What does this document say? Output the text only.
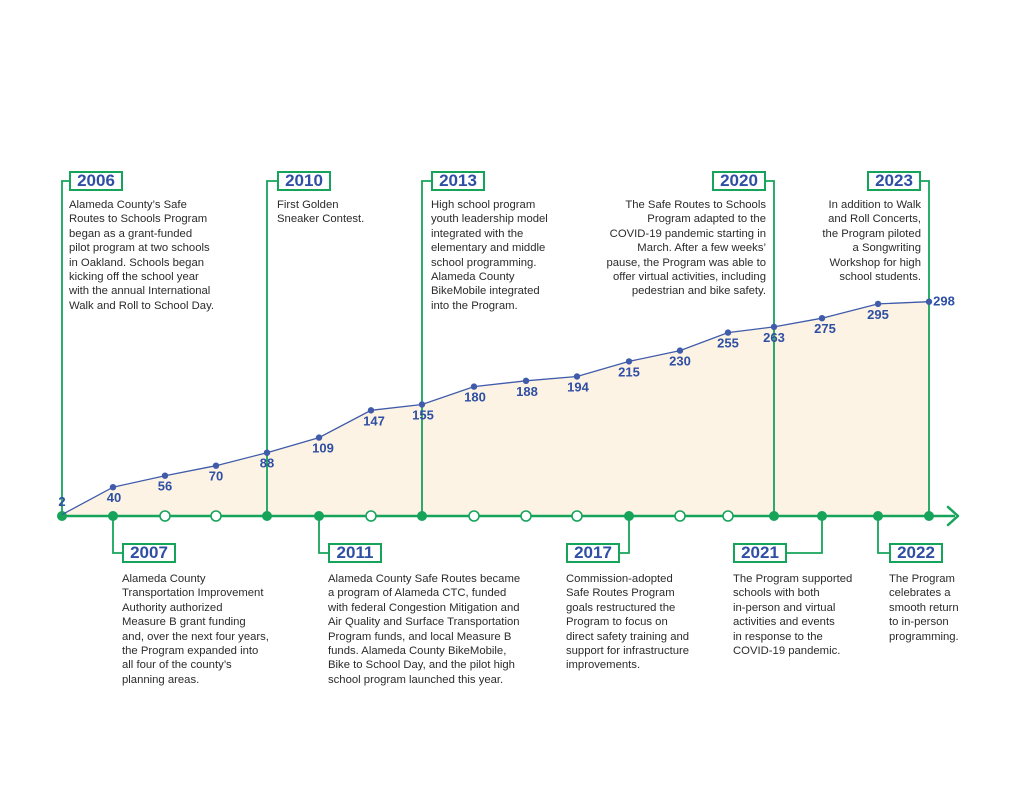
2	40
56
70
88
109
147 155
180 188 194
215
230
255 263
275
295
298
2006
Alameda County’s Safe
Routes to Schools Program
began as a grant-funded
pilot program at two schools
in Oakland. Schools began
kicking off the school year
with the annual International
Walk and Roll to School Day.
2010
First Golden
Sneaker Contest.
2013
High school program
youth leadership model
integrated with the
elementary and middle
school programming.
Alameda County
BikeMobile integrated
into the Program.
2020
The Safe Routes to Schools
Program adapted to the
COVID-19 pandemic starting in
March. After a few weeks’
pause, the Program was able to
offer virtual activities, including
pedestrian and bike safety.
2023
In addition to Walk
and Roll Concerts,
the Program piloted
a Songwriting
Workshop for high
school students.
2007
Alameda County
Transportation Improvement
Authority authorized
Measure B grant funding
and, over the next four years,
the Program expanded into
all four of the county’s
planning areas.
2011
Alameda County Safe Routes became
a program of Alameda CTC, funded
with federal Congestion Mitigation and
Air Quality and Surface Transportation
Program funds, and local Measure B
funds. Alameda County BikeMobile,
Bike to School Day, and the pilot high
school program launched this year.
2017
Commission-adopted
Safe Routes Program
goals restructured the
Program to focus on
direct safety training and
support for infrastructure
improvements.
2021
The Program supported
schools with both
in-person and virtual
activities and events
in response to the
COVID-19 pandemic.
2022
The Program
celebrates a
smooth return
to in-person
programming.
